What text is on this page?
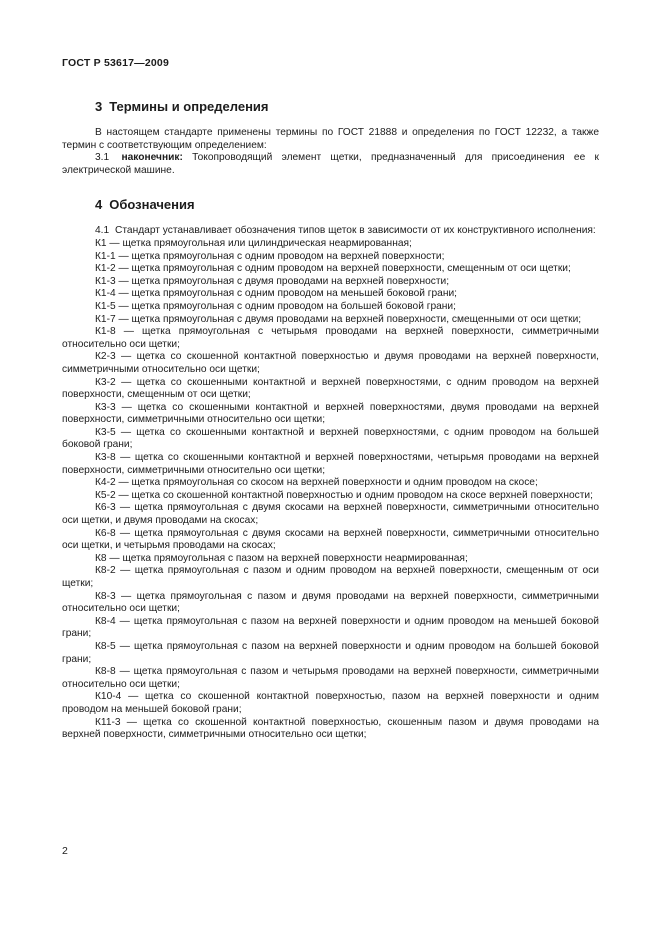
ГОСТ Р 53617—2009
3 Термины и определения

В настоящем стандарте применены термины по ГОСТ 21888 и определения по ГОСТ 12232, а также термин с соответствующим определением:

3.1 наконечник: Токопроводящий элемент щетки, предназначенный для присоединения ее к электрической машине.

4 Обозначения

4.1 Стандарт устанавливает обозначения типов щеток в зависимости от их конструктивного исполнения:

К1 — щетка прямоугольная или цилиндрическая неармированная;

К1-1 — щетка прямоугольная с одним проводом на верхней поверхности;

К1-2 — щетка прямоугольная с одним проводом на верхней поверхности, смещенным от оси щетки;

К1-3 — щетка прямоугольная с двумя проводами на верхней поверхности;

К1-4 — щетка прямоугольная с одним проводом на меньшей боковой грани;

К1-5 — щетка прямоугольная с одним проводом на большей боковой грани;

К1-7 — щетка прямоугольная с двумя проводами на верхней поверхности, смещенными от оси щетки;

К1-8 — щетка прямоугольная с четырьмя проводами на верхней поверхности, симметричными относительно оси щетки;

К2-3 — щетка со скошенной контактной поверхностью и двумя проводами на верхней поверхности, симметричными относительно оси щетки;

К3-2 — щетка со скошенными контактной и верхней поверхностями, с одним проводом на верхней поверхности, смещенным от оси щетки;

К3-3 — щетка со скошенными контактной и верхней поверхностями, двумя проводами на верхней поверхности, симметричными относительно оси щетки;

К3-5 — щетка со скошенными контактной и верхней поверхностями, с одним проводом на большей боковой грани;

К3-8 — щетка со скошенными контактной и верхней поверхностями, четырьмя проводами на верхней поверхности, симметричными относительно оси щетки;

К4-2 — щетка прямоугольная со скосом на верхней поверхности и одним проводом на скосе;

К5-2 — щетка со скошенной контактной поверхностью и одним проводом на скосе верхней поверхности;

К6-3 — щетка прямоугольная с двумя скосами на верхней поверхности, симметричными относительно оси щетки, и двумя проводами на скосах;

К6-8 — щетка прямоугольная с двумя скосами на верхней поверхности, симметричными относительно оси щетки, и четырьмя проводами на скосах;

К8 — щетка прямоугольная с пазом на верхней поверхности неармированная;

К8-2 — щетка прямоугольная с пазом и одним проводом на верхней поверхности, смещенным от оси щетки;

К8-3 — щетка прямоугольная с пазом и двумя проводами на верхней поверхности, симметричными относительно оси щетки;

К8-4 — щетка прямоугольная с пазом на верхней поверхности и одним проводом на меньшей боковой грани;

К8-5 — щетка прямоугольная с пазом на верхней поверхности и одним проводом на большей боковой грани;

К8-8 — щетка прямоугольная с пазом и четырьмя проводами на верхней поверхности, симметричными относительно оси щетки;

К10-4 — щетка со скошенной контактной поверхностью, пазом на верхней поверхности и одним проводом на меньшей боковой грани;

К11-3 — щетка со скошенной контактной поверхностью, скошенным пазом и двумя проводами на верхней поверхности, симметричными относительно оси щетки;

2
